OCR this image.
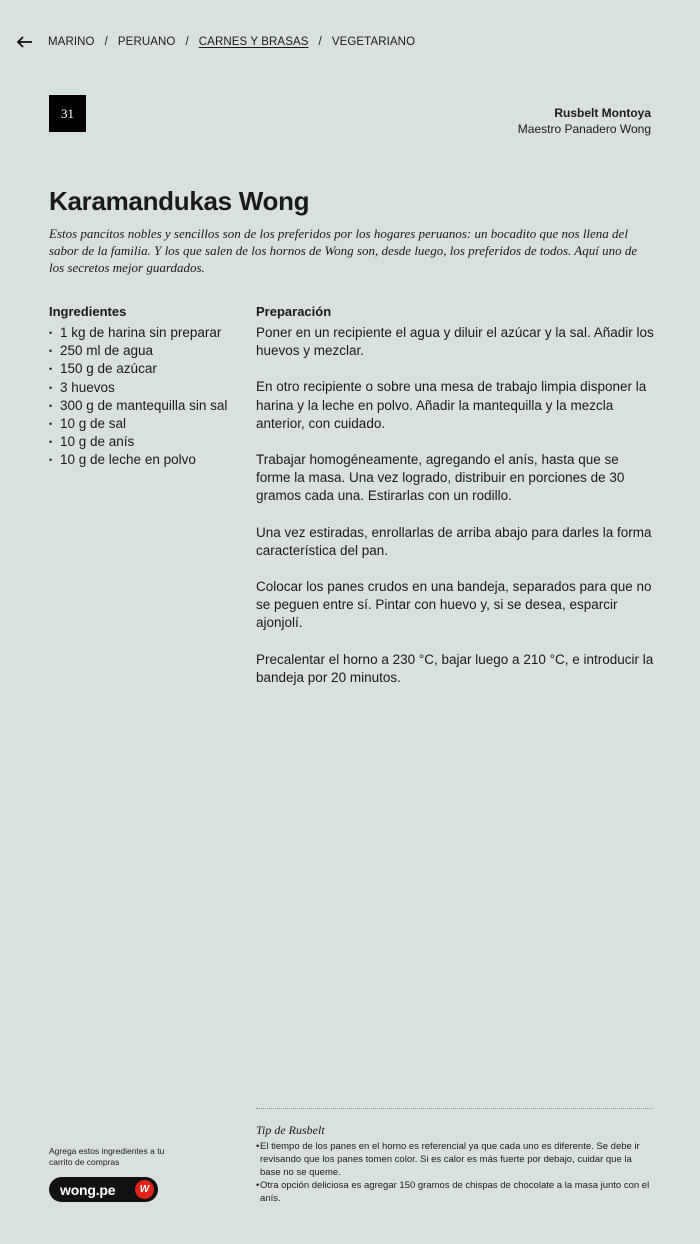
MARINO / PERUANO / CARNES Y BRASAS / VEGETARIANO
31	Rusbelt Montoya
Maestro Panadero Wong
Karamandukas Wong

Estos pancitos nobles y sencillos son de los preferidos por los hogares peruanos: un bocadito que nos llena del sabor de la familia. Y los que salen de los hornos de Wong son, desde luego, los preferidos de todos. Aquí uno de los secretos mejor guardados.

Ingredientes
• 1 kg de harina sin preparar
• 250 ml de agua
• 150 g de azúcar
• 3 huevos
• 300 g de mantequilla sin sal
• 10 g de sal
• 10 g de anís
• 10 g de leche en polvo
Preparación

Poner en un recipiente el agua y diluir el azúcar y la sal. Añadir los huevos y mezclar.

En otro recipiente o sobre una mesa de trabajo limpia disponer la harina y la leche en polvo. Añadir la mantequilla y la mezcla anterior, con cuidado.

Trabajar homogéneamente, agregando el anís, hasta que se forme la masa. Una vez logrado, distribuir en porciones de 30 gramos cada una. Estirarlas con un rodillo.

Una vez estiradas, enrollarlas de arriba abajo para darles la forma característica del pan.

Colocar los panes crudos en una bandeja, separados para que no se peguen entre sí. Pintar con huevo y, si se desea, esparcir ajonjolí.

Precalentar el horno a 230 °C, bajar luego a 210 °C, e introducir la bandeja por 20 minutos.

Tip de Rusbelt
• El tiempo de los panes en el horno es referencial ya que cada uno es diferente. Se debe ir revisando que los panes tomen color. Si es calor es más fuerte por debajo, cuidar que la base no se queme.
• Otra opción deliciosa es agregar 150 gramos de chispas de chocolate a la masa junto con el anís.
Agrega estos ingredientes a tu carrito de compras
wong.pe	W
